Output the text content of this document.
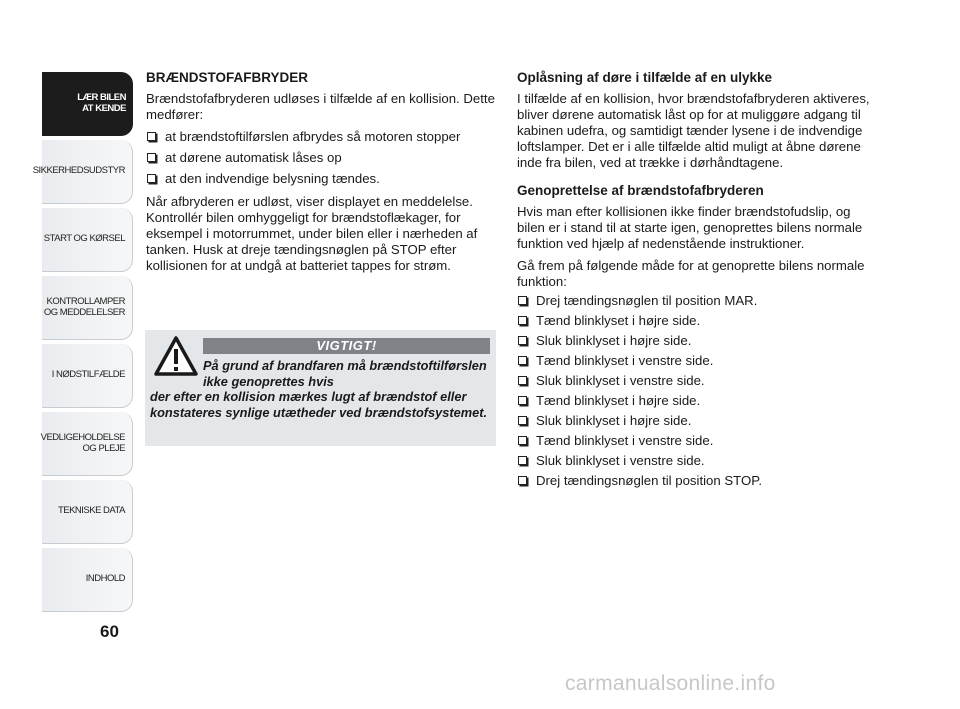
LÆR BILEN
AT KENDE
SIKKERHEDSUDSTYR
START OG KØRSEL
KONTROLLAMPER
OG MEDDELELSER
I NØDSTILFÆLDE
VEDLIGEHOLDELSE
OG PLEJE
TEKNISKE DATA
INDHOLD
60
BRÆNDSTOFAFBRYDER

Brændstofafbryderen udløses i tilfælde af en kollision. Dette medfører:

at brændstoftilførslen afbrydes så motoren stopper
at dørene automatisk låses op
at den indvendige belysning tændes.

Når afbryderen er udløst, viser displayet en meddelelse. Kontrollér bilen omhyggeligt for brændstoflækager, for eksempel i motorrummet, under bilen eller i nærheden af tanken. Husk at dreje tændingsnøglen på STOP efter kollisionen for at undgå at batteriet tappes for strøm.

VIGTIGT!
På grund af brandfaren må brændstoftilførslen ikke genoprettes hvis
der efter en kollision mærkes lugt af brændstof eller konstateres synlige utætheder ved brændstofsystemet.
Oplåsning af døre i tilfælde af en ulykke

I tilfælde af en kollision, hvor brændstofafbryderen aktiveres, bliver dørene automatisk låst op for at muliggøre adgang til kabinen udefra, og samtidigt tænder lysene i de indvendige loftslamper. Det er i alle tilfælde altid muligt at åbne dørene inde fra bilen, ved at trække i dørhåndtagene.

Genoprettelse af brændstofafbryderen

Hvis man efter kollisionen ikke finder brændstofudslip, og bilen er i stand til at starte igen, genoprettes bilens normale funktion ved hjælp af nedenstående instruktioner.

Gå frem på følgende måde for at genoprette bilens normale funktion:

Drej tændingsnøglen til position MAR.
Tænd blinklyset i højre side.
Sluk blinklyset i højre side.
Tænd blinklyset i venstre side.
Sluk blinklyset i venstre side.
Tænd blinklyset i højre side.
Sluk blinklyset i højre side.
Tænd blinklyset i venstre side.
Sluk blinklyset i venstre side.
Drej tændingsnøglen til position STOP.
carmanualsonline.info
